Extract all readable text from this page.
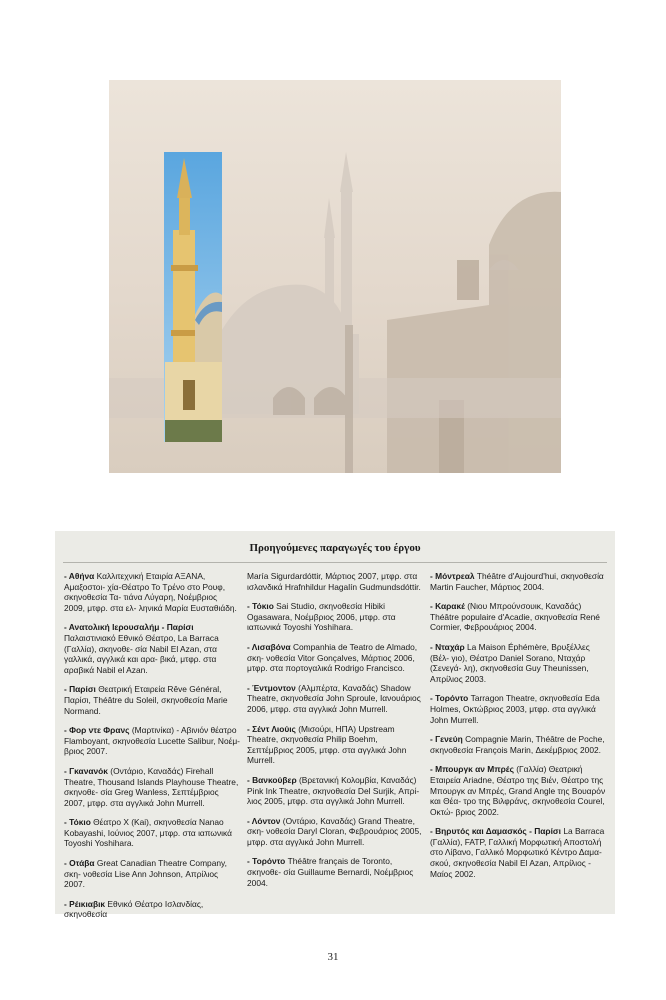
Προηγούμενες παραγωγές του έργου

- Αθήνα Καλλιτεχνική Εταιρία ΑΞΑΝΑ, Αμαξοστοι- χία-Θέατρο Το Τρένο στο Ρουφ, σκηνοθεσία Τα- τιάνα Λύγαρη, Νοέμβριος 2009, μτφρ. στα ελ- ληνικά Μαρία Ευσταθιάδη.

- Ανατολική Ιερουσαλήμ - Παρίσι Παλαιστινιακό Εθνικό Θέατρο, La Barraca (Γαλλία), σκηνοθε- σία Nabil El Azan, στα γαλλικά, αγγλικά και αρα- βικά, μτφρ. στα αραβικά Nabil el Azan.

- Παρίσι Θεατρική Εταιρεία Rêve Général, Παρίσι, Théâtre du Soleil, σκηνοθεσία Marie Normand.

- Φορ ντε Φρανς (Μαρτινίκα) - Αβινιόν θέατρο Flamboyant, σκηνοθεσία Lucette Salibur, Νοέμ- βριος 2007.

- Γκανανόκ (Οντάριο, Καναδάς) Firehall Theatre, Thousand Islands Playhouse Theatre, σκηνοθε- σία Greg Wanless, Σεπτέμβριος 2007, μτφρ. στα αγγλικά John Murrell.

- Τόκιο Θέατρο Χ (Kai), σκηνοθεσία Nanao Kobayashi, Ιούνιος 2007, μτφρ. στα ιαπωνικά Toyoshi Yoshihara.

- Οτάβα Great Canadian Theatre Company, σκη- νοθεσία Lise Ann Johnson, Απρίλιος 2007.

- Ρέικιαβικ Εθνικό Θέατρο Ισλανδίας, σκηνοθεσία

María Sigurdardóttir, Μάρτιος 2007, μτφρ. στα ισλανδικά Hrafnhildur Hagalín Gudmundsdóttir.

- Τόκιο Sai Studio, σκηνοθεσία Hibiki Ogasawara, Νοέμβριος 2006, μτφρ. στα ιαπωνικά Toyoshi Yoshihara.

- Λισαβόνα Companhia de Teatro de Almado, σκη- νοθεσία Vitor Gonçalves, Μάρτιος 2006, μτφρ. στα πορτογαλικά Rodrigo Francisco.

- Έντμοντον (Αλμπέρτα, Καναδάς) Shadow Theatre, σκηνοθεσία John Sproule, Ιανουάριος 2006, μτφρ. στα αγγλικά John Murrell.

- Σέντ Λιούις (Μισούρι, ΗΠΑ) Upstream Theatre, σκηνοθεσία Philip Boehm, Σεπτέμβριος 2005, μτφρ. στα αγγλικά John Murrell.

- Βανκούβερ (Βρετανική Κολομβία, Καναδάς) Pink Ink Theatre, σκηνοθεσία Del Surjik, Απρί- λιος 2005, μτφρ. στα αγγλικά John Murrell.

- Λόντον (Οντάριο, Καναδάς) Grand Theatre, σκη- νοθεσία Daryl Cloran, Φεβρουάριος 2005, μτφρ. στα αγγλικά John Murrell.

- Τορόντο Théâtre français de Toronto, σκηνοθε- σία Guillaume Bernardi, Νοέμβριος 2004.

- Μόντρεαλ Théâtre d'Aujourd'hui, σκηνοθεσία Martin Faucher, Μάρτιος 2004.

- Καρακέ (Νιου Μπρούνσουικ, Καναδάς) Théâtre populaire d'Acadie, σκηνοθεσία René Cormier, Φεβρουάριος 2004.

- Νταχάρ La Maison Éphémère, Βρυξέλλες (Βέλ- γιο), Θέατρο Daniel Sorano, Νταχάρ (Σενεγά- λη), σκηνοθεσία Guy Theunissen, Απρίλιος 2003.

- Τορόντο Tarragon Theatre, σκηνοθεσία Eda Holmes, Οκτώβριος 2003, μτφρ. στα αγγλικά John Murrell.

- Γενεύη Compagnie Marin, Théâtre de Poche, σκηνοθεσία François Marin, Δεκέμβριος 2002.

- Μπουργκ αν Μπρές (Γαλλία) Θεατρική Εταιρεία Ariadne, Θέατρο της Βιέν, Θέατρο της Μπουργκ αν Μπρές, Grand Angle της Βουαρόν και Θέα- τρο της Βιλφράνς, σκηνοθεσία Courel, Οκτώ- βριος 2002.

- Βηρυτός και Δαμασκός - Παρίσι La Barraca (Γαλλία), FATP, Γαλλική Μορφωτική Αποστολή στο Λίβανο, Γαλλικό Μορφωτικό Κέντρο Δαμα- σκού, σκηνοθεσία Nabil El Azan, Απρίλιος - Μαίος 2002.

31
